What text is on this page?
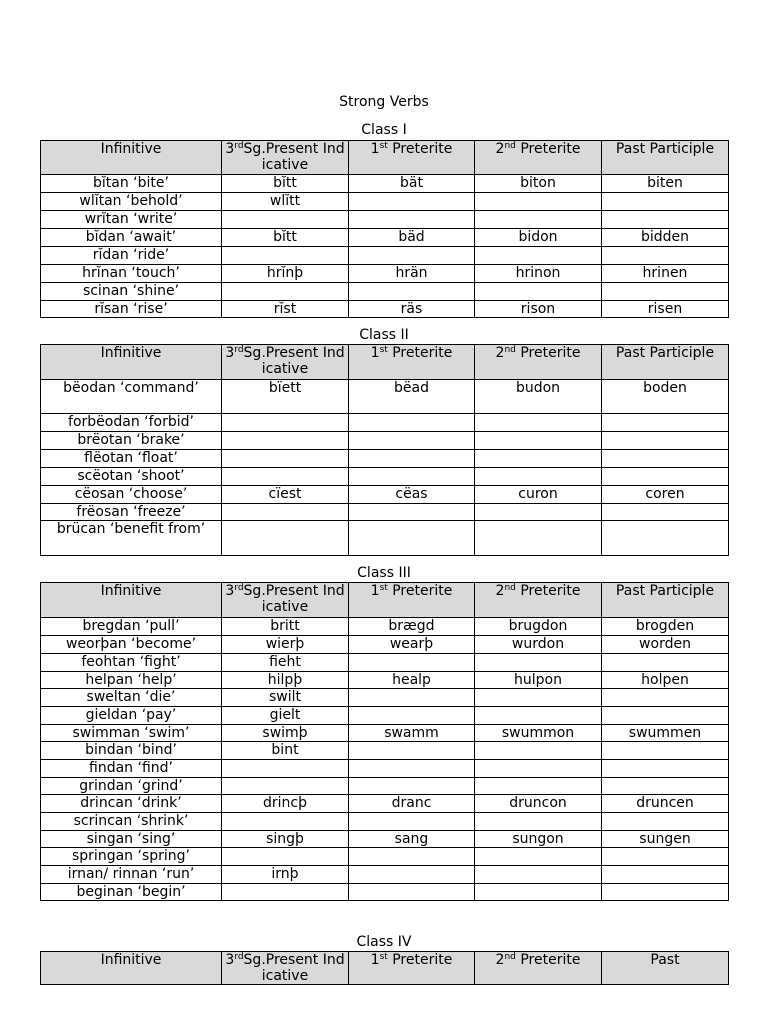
Strong Verbs
Class I
Infinitive	3rdSg.Present Indicative	1st Preterite	2nd Preterite	Past Participle
bĭtan ‘bite’	bĭtt	bät	biton	biten
wlĭtan ‘behold’	wlĭtt			
wrĭtan ‘write’				
bĭdan ‘await’	bĭtt	bäd	bidon	bidden
rĭdan ‘ride’				
hrĭnan ‘touch’	hrĭnþ	hrän	hrinon	hrinen
scinan ‘shine’				
rĭsan ‘rise’	rĭst	räs	rison	risen
Class II
Infinitive	3rdSg.Present Indicative	1st Preterite	2nd Preterite	Past Participle
bëodan ‘command’	bïett	bëad	budon	boden
forbëodan ‘forbid’				
brëotan ‘brake’				
flëotan ‘float’				
scëotan ‘shoot’				
cëosan ‘choose’	cïest	cëas	curon	coren
frëosan ‘freeze’				
brücan ‘benefit from’				
Class III
Infinitive	3rdSg.Present Indicative	1st Preterite	2nd Preterite	Past Participle
bregdan ‘pull’	britt	brægd	brugdon	brogden
weorþan ‘become’	wierþ	wearþ	wurdon	worden
feohtan ‘fight’	fieht			
helpan ‘help’	hilpþ	healp	hulpon	holpen
sweltan ‘die’	swilt			
gieldan ‘pay’	gielt			
swimman ‘swim’	swimþ	swamm	swummon	swummen
bindan ‘bind’	bint			
findan ‘find’				
grindan ‘grind’				
drincan ‘drink’	drincþ	dranc	druncon	druncen
scrincan ‘shrink’				
singan ‘sing’	singþ	sang	sungon	sungen
springan ‘spring’				
irnan/ rinnan ‘run’	irnþ			
beginan ‘begin’				
Class IV
Infinitive	3rdSg.Present Indicative	1st Preterite	2nd Preterite	Past
